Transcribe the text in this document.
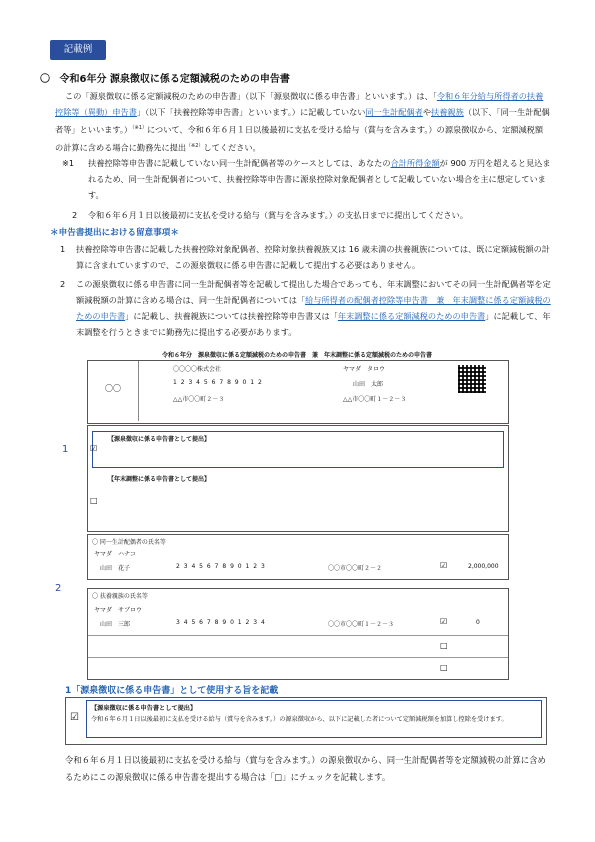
記載例
〇 令和6年分 源泉徴収に係る定額減税のための申告書
この「源泉徴収に係る定額減税のための申告書」（以下「源泉徴収に係る申告書」といいます。）は、「令和６年分給与所得者の扶養控除等（異動）申告書」（以下「扶養控除等申告書」といいます。）に記載していない同一生計配偶者や扶養親族（以下、「同一生計配偶者等」といいます。）$^{(※1)}$について、令和６年６月１日以後最初に支払を受ける給与（賞与を含みます。）の源泉徴収から、定額減税額の計算に含める場合に勤務先に提出$^{(※2)}$してください。
※1 扶養控除等申告書に記載していない同一生計配偶者等のケースとしては、あなたの合計所得金額が 900 万円を超えると見込まれるため、同一生計配偶者について、扶養控除等申告書に源泉控除対象配偶者として記載していない場合を主に想定しています。
2 令和６年６月１日以後最初に支払を受ける給与（賞与を含みます。）の支払日までに提出してください。
＊申告書提出における留意事項＊
1 扶養控除等申告書に記載した扶養控除対象配偶者、控除対象扶養親族又は 16 歳未満の扶養親族については、既に定額減税額の計算に含まれていますので、この源泉徴収に係る申告書に記載して提出する必要はありません。
2 この源泉徴収に係る申告書に同一生計配偶者等を記載して提出した場合であっても、年末調整においてその同一生計配偶者等を定額減税額の計算に含める場合は、同一生計配偶者については「給与所得者の配偶者控除等申告書　兼　年末調整に係る定額減税のための申告書」に記載し、扶養親族については扶養控除等申告書又は「年末調整に係る定額減税のための申告書」に記載して、年末調整を行うときまでに勤務先に提出する必要があります。
令和６年分　源泉徴収に係る定額減税のための申告書　兼　年末調整に係る定額減税のための申告書
〇〇
〇〇〇〇株式会社
1 2 3 4 5 6 7 8 9 0 1 2
△△市〇〇町２－３
ヤマダ　タロウ
山田　太郎
△△市〇〇町１－２－３
☑
【源泉徴収に係る申告書として提出】
□
【年末調整に係る申告書として提出】
1
〇 同一生計配偶者の氏名等
ヤマダ　ハナコ
山田　花子	2 3 4 5 6 7 8 9 0 1 2 3	〇〇市〇〇町２－２	☑	2,000,000
2
〇 扶養親族の氏名等
ヤマダ　サブロウ
山田　三郎	3 4 5 6 7 8 9 0 1 2 3 4	〇〇市〇〇町１－２－３	☑	0
□
□
1「源泉徴収に係る申告書」として使用する旨を記載
☑
【源泉徴収に係る申告書として提出】
令和６年６月１日以後最初に支払を受ける給与（賞与を含みます。）の源泉徴収から、以下に記載した者について定額減税額を加算し控除を受けます。
令和６年６月１日以後最初に支払を受ける給与（賞与を含みます。）の源泉徴収から、同一生計配偶者等を定額減税の計算に含めるためにこの源泉徴収に係る申告書を提出する場合は「□」にチェックを記載します。
